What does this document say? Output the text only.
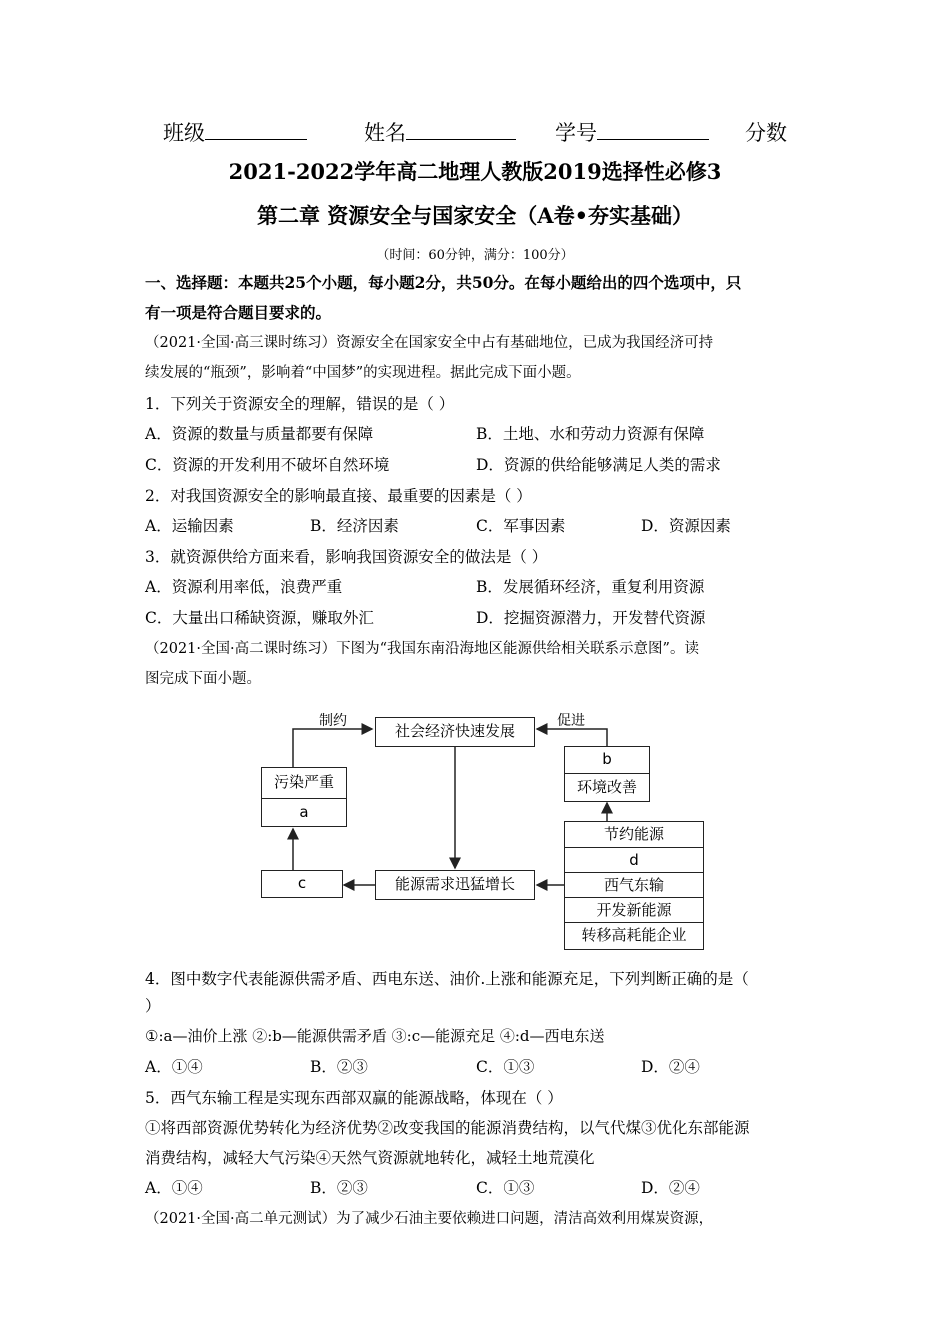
班级	姓名	学号	分数
2021-2022学年高二地理人教版2019选择性必修3
第二章 资源安全与国家安全（A卷•夯实基础）
（时间：60分钟，满分：100分）
一、选择题：本题共25个小题，每小题2分，共50分。在每小题给出的四个选项中，只
有一项是符合题目要求的。
（2021·全国·高三课时练习）资源安全在国家安全中占有基础地位，已成为我国经济可持
续发展的“瓶颈”，影响着“中国梦”的实现进程。据此完成下面小题。
1．下列关于资源安全的理解，错误的是（ ）
A．资源的数量与质量都要有保障	B．土地、水和劳动力资源有保障
C．资源的开发利用不破坏自然环境	D．资源的供给能够满足人类的需求
2．对我国资源安全的影响最直接、最重要的因素是（ ）
A．运输因素	B．经济因素	C．军事因素	D．资源因素
3．就资源供给方面来看，影响我国资源安全的做法是（ ）
A．资源利用率低，浪费严重	B．发展循环经济，重复利用资源
C．大量出口稀缺资源，赚取外汇	D．挖掘资源潜力，开发替代资源
（2021·全国·高二课时练习）下图为“我国东南沿海地区能源供给相关联系示意图”。读
图完成下面小题。
制约	促进
社会经济快速发展
污染严重
a
c	能源需求迅猛增长
b
环境改善
节约能源
d
西气东输
开发新能源
转移高耗能企业
4．图中数字代表能源供需矛盾、西电东送、油价.上涨和能源充足，下列判断正确的是（
）
①:a—油价上涨 ②:b—能源供需矛盾 ③:c—能源充足 ④:d—西电东送
A．①④	B．②③	C．①③	D．②④
5．西气东输工程是实现东西部双赢的能源战略，体现在（ ）
①将西部资源优势转化为经济优势②改变我国的能源消费结构，以气代煤③优化东部能源
消费结构，减轻大气污染④天然气资源就地转化，减轻土地荒漠化
A．①④	B．②③	C．①③	D．②④
（2021·全国·高二单元测试）为了减少石油主要依赖进口问题，清洁高效利用煤炭资源，
